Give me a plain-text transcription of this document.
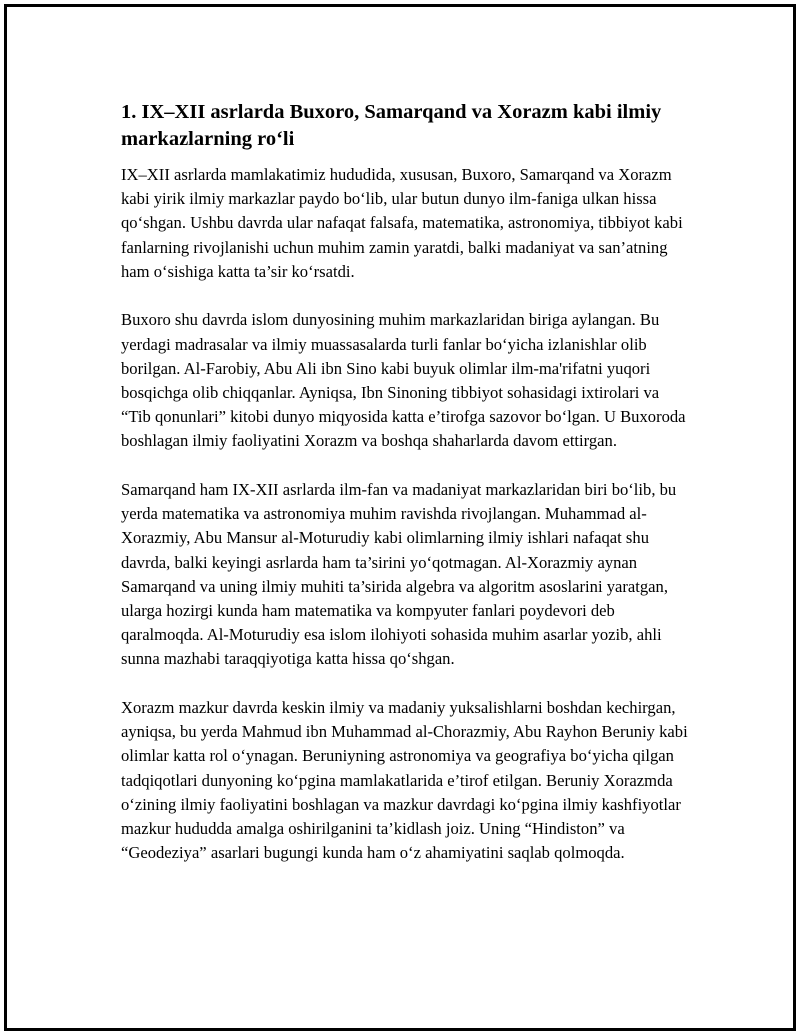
1. IX–XII asrlarda Buxoro, Samarqand va Xorazm kabi ilmiy markazlarning ro‘li

IX–XII asrlarda mamlakatimiz hududida, xususan, Buxoro, Samarqand va Xorazm kabi yirik ilmiy markazlar paydo bo‘lib, ular butun dunyo ilm-faniga ulkan hissa qo‘shgan. Ushbu davrda ular nafaqat falsafa, matematika, astronomiya, tibbiyot kabi fanlarning rivojlanishi uchun muhim zamin yaratdi, balki madaniyat va san’atning ham o‘sishiga katta ta’sir ko‘rsatdi.

Buxoro shu davrda islom dunyosining muhim markazlaridan biriga aylangan. Bu yerdagi madrasalar va ilmiy muassasalarda turli fanlar bo‘yicha izlanishlar olib borilgan. Al-Farobiy, Abu Ali ibn Sino kabi buyuk olimlar ilm-ma'rifatni yuqori bosqichga olib chiqqanlar. Ayniqsa, Ibn Sinoning tibbiyot sohasidagi ixtirolari va “Tib qonunlari” kitobi dunyo miqyosida katta e’tirofga sazovor bo‘lgan. U Buxoroda boshlagan ilmiy faoliyatini Xorazm va boshqa shaharlarda davom ettirgan.

Samarqand ham IX-XII asrlarda ilm-fan va madaniyat markazlaridan biri bo‘lib, bu yerda matematika va astronomiya muhim ravishda rivojlangan. Muhammad al-Xorazmiy, Abu Mansur al-Moturudiy kabi olimlarning ilmiy ishlari nafaqat shu davrda, balki keyingi asrlarda ham ta’sirini yo‘qotmagan. Al-Xorazmiy aynan Samarqand va uning ilmiy muhiti ta’sirida algebra va algoritm asoslarini yaratgan, ularga hozirgi kunda ham matematika va kompyuter fanlari poydevori deb qaralmoqda. Al-Moturudiy esa islom ilohiyoti sohasida muhim asarlar yozib, ahli sunna mazhabi taraqqiyotiga katta hissa qo‘shgan.

Xorazm mazkur davrda keskin ilmiy va madaniy yuksalishlarni boshdan kechirgan, ayniqsa, bu yerda Mahmud ibn Muhammad al-Chorazmiy, Abu Rayhon Beruniy kabi olimlar katta rol o‘ynagan. Beruniyning astronomiya va geografiya bo‘yicha qilgan tadqiqotlari dunyoning ko‘pgina mamlakatlarida e’tirof etilgan. Beruniy Xorazmda o‘zining ilmiy faoliyatini boshlagan va mazkur davrdagi ko‘pgina ilmiy kashfiyotlar mazkur hududda amalga oshirilganini ta’kidlash joiz. Uning “Hindiston” va “Geodeziya” asarlari bugungi kunda ham o‘z ahamiyatini saqlab qolmoqda.
